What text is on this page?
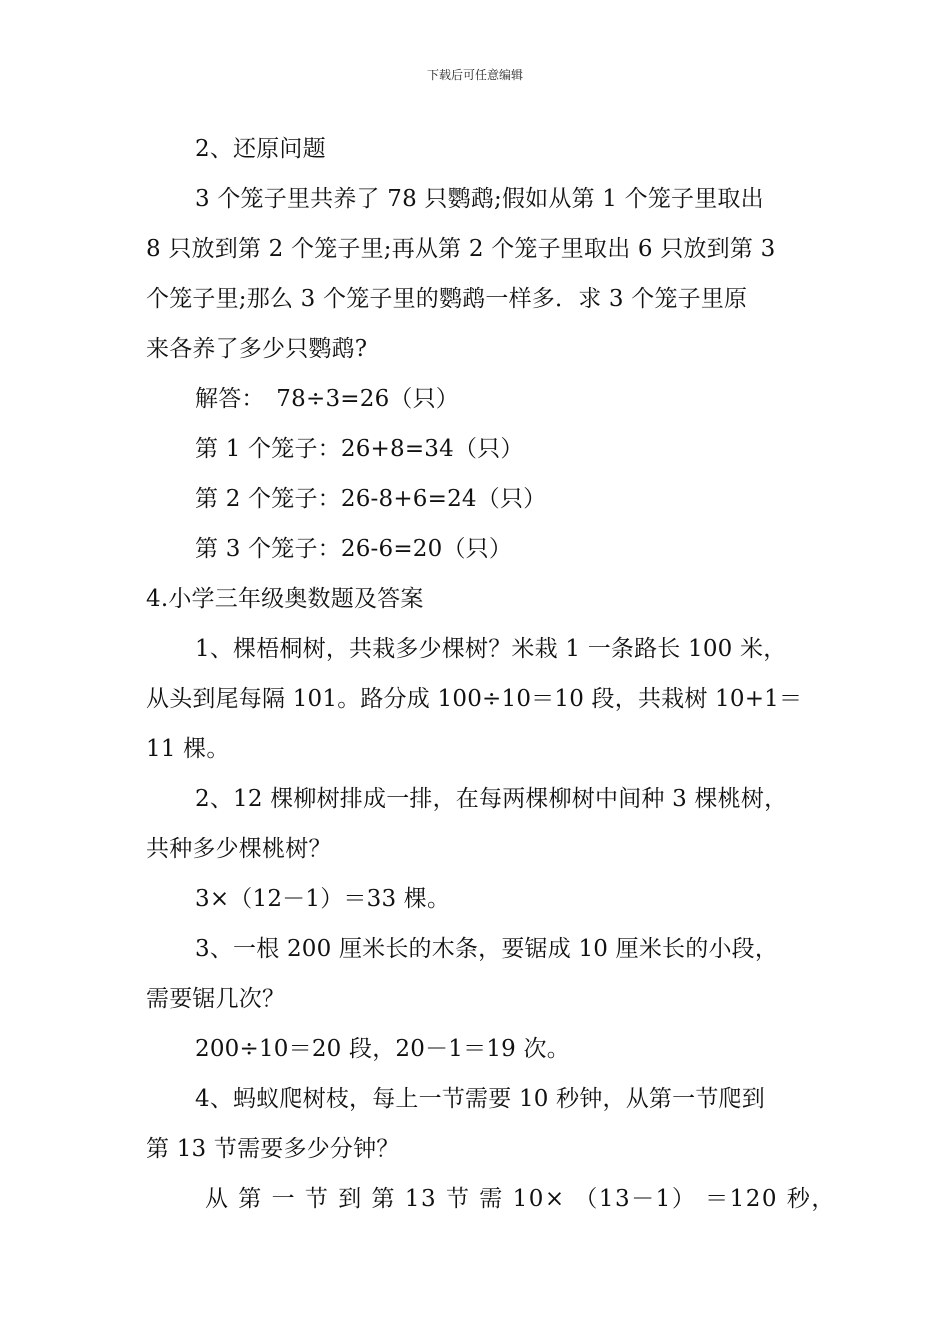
下载后可任意编辑
2、还原问题
3 个笼子里共养了 78 只鹦鹉;假如从第 1 个笼子里取出
8 只放到第 2 个笼子里;再从第 2 个笼子里取出 6 只放到第 3
个笼子里;那么 3 个笼子里的鹦鹉一样多．求 3 个笼子里原
来各养了多少只鹦鹉?
解答：　78÷3=26（只）
第 1 个笼子：26+8=34（只）
第 2 个笼子：26-8+6=24（只）
第 3 个笼子：26-6=20（只）
4.小学三年级奥数题及答案
1、棵梧桐树，共栽多少棵树？米栽 1 一条路长 100 米，
从头到尾每隔 101。路分成 100÷10＝10 段，共栽树 10+1＝
11 棵。
2、12 棵柳树排成一排，在每两棵柳树中间种 3 棵桃树，
共种多少棵桃树？
3×（12－1）＝33 棵。
3、一根 200 厘米长的木条，要锯成 10 厘米长的小段，
需要锯几次？
200÷10＝20 段，20－1＝19 次。
4、蚂蚁爬树枝，每上一节需要 10 秒钟，从第一节爬到
第 13 节需要多少分钟？
从 第 一 节 到 第 13 节 需 10× （13－1） ＝120 秒，
